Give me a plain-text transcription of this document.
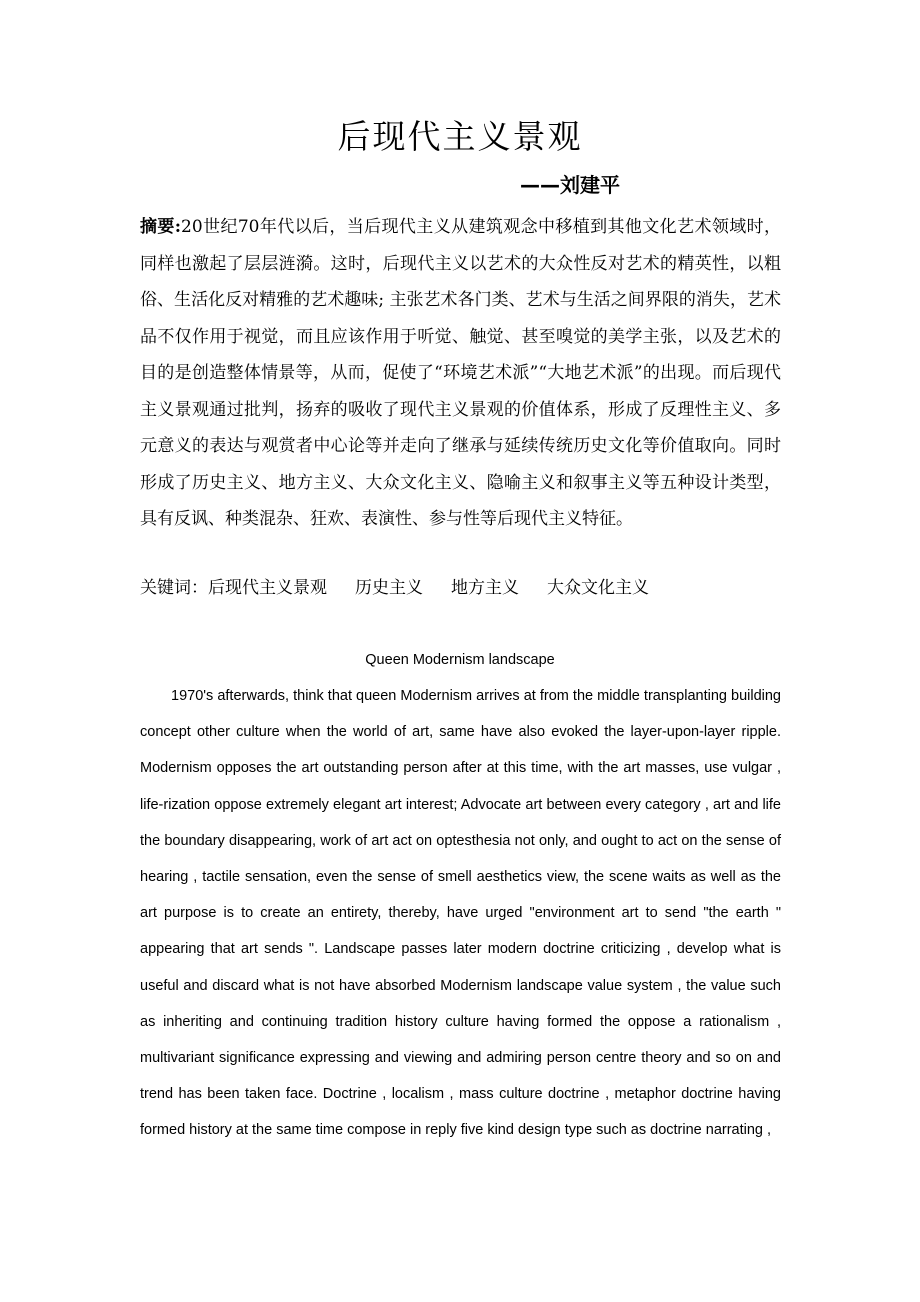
后现代主义景观
——刘建平

摘要:20世纪70年代以后，当后现代主义从建筑观念中移植到其他文化艺术领域时，同样也激起了层层涟漪。这时，后现代主义以艺术的大众性反对艺术的精英性，以粗俗、生活化反对精雅的艺术趣味; 主张艺术各门类、艺术与生活之间界限的消失，艺术品不仅作用于视觉，而且应该作用于听觉、触觉、甚至嗅觉的美学主张，以及艺术的目的是创造整体情景等，从而，促使了“环境艺术派”“大地艺术派”的出现。而后现代主义景观通过批判，扬弃的吸收了现代主义景观的价值体系，形成了反理性主义、多元意义的表达与观赏者中心论等并走向了继承与延续传统历史文化等价值取向。同时形成了历史主义、地方主义、大众文化主义、隐喻主义和叙事主义等五种设计类型，具有反讽、种类混杂、狂欢、表演性、参与性等后现代主义特征。

关键词：后现代主义景观 历史主义 地方主义 大众文化主义

Queen Modernism landscape

1970's afterwards, think that queen Modernism arrives at from the middle transplanting building concept other culture when the world of art, same have also evoked the layer-upon-layer ripple. Modernism opposes the art outstanding person after at this time, with the art masses, use vulgar , life-rization oppose extremely elegant art interest; Advocate art between every category , art and life the boundary disappearing, work of art act on optesthesia not only, and ought to act on the sense of hearing , tactile sensation, even the sense of smell aesthetics view, the scene waits as well as the art purpose is to create an entirety, thereby, have urged "environment art to send "the earth " appearing that art sends ". Landscape passes later modern doctrine criticizing , develop what is useful and discard what is not have absorbed Modernism landscape value system , the value such as inheriting and continuing tradition history culture having formed the oppose a rationalism , multivariant significance expressing and viewing and admiring person centre theory and so on and trend has been taken face. Doctrine , localism , mass culture doctrine , metaphor doctrine having formed history at the same time compose in reply five kind design type such as doctrine narrating ,
